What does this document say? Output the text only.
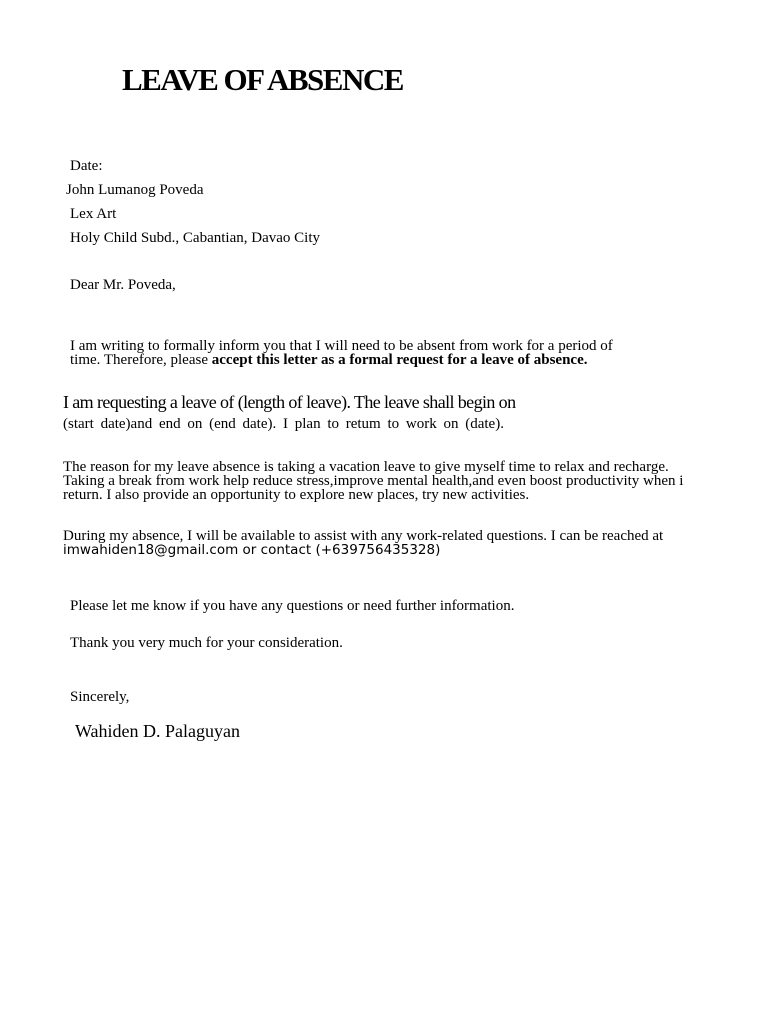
LEAVE OF ABSENCE

Date:

John Lumanog Poveda

Lex Art

Holy Child Subd., Cabantian, Davao City

Dear Mr. Poveda,

I am writing to formally inform you that I will need to be absent from work for a period of
time. Therefore, please accept this letter as a formal request for a leave of absence.

I am requesting a leave of (length of leave). The leave shall begin on

(start date)and end on (end date). I plan to retum to work on (date).

The reason for my leave absence is taking a vacation leave to give myself time to relax and recharge.
Taking a break from work help reduce stress,improve mental health,and even boost productivity when i
return. I also provide an opportunity to explore new places, try new activities.
During my absence, I will be available to assist with any work-related questions. I can be reached at
imwahiden18@gmail.com or contact (+639756435328)

Please let me know if you have any questions or need further information.

Thank you very much for your consideration.

Sincerely,

Wahiden D. Palaguyan
